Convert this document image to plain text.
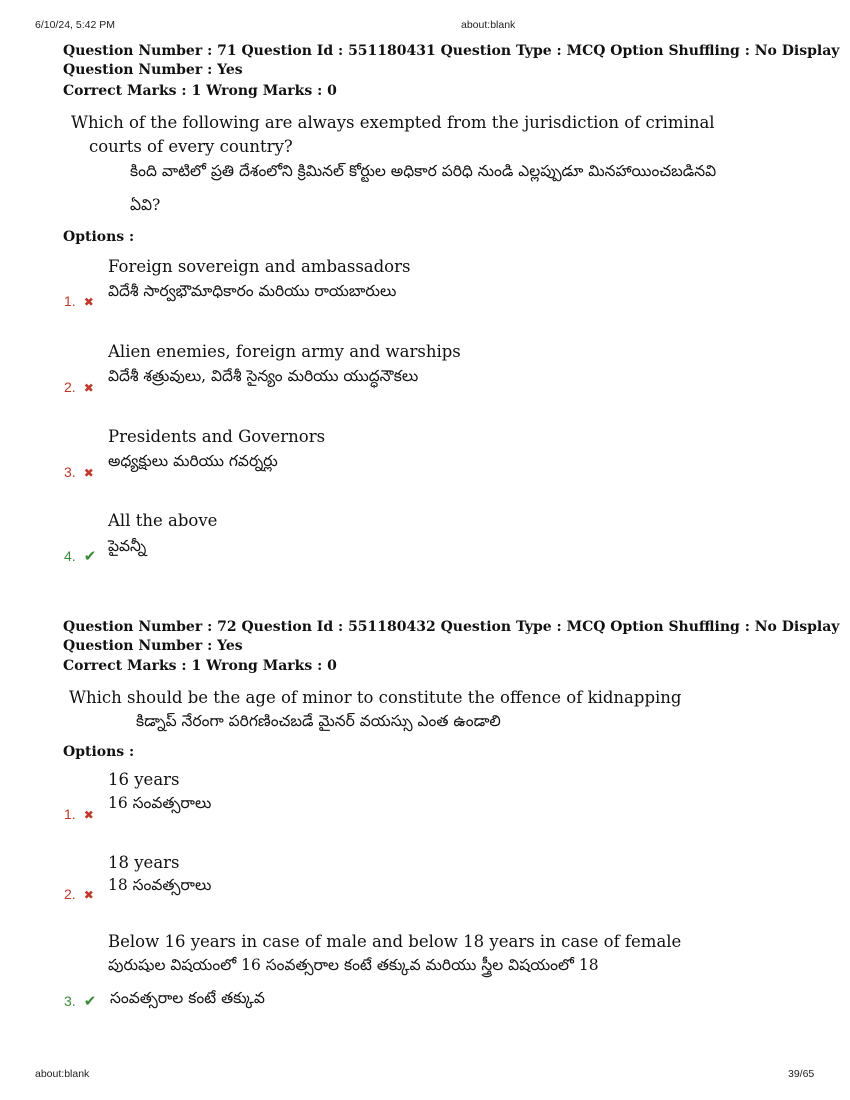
6/10/24, 5:42 PM	about:blank
about:blank	39/65
Question Number : 71 Question Id : 551180431 Question Type : MCQ Option Shuffling : No Display
Question Number : Yes
Correct Marks : 1 Wrong Marks : 0
Which of the following are always exempted from the jurisdiction of criminal
courts of every country?
కింది వాటిలో ప్రతి దేశంలోని క్రిమినల్ కోర్టుల అధికార పరిధి నుండి ఎల్లప్పుడూ మినహాయించబడినవి
ఏవి?
Options :
Foreign sovereign and ambassadors
విదేశీ సార్వభౌమాధికారం మరియు రాయబారులు
1. ✖
Alien enemies, foreign army and warships
విదేశీ శత్రువులు, విదేశీ సైన్యం మరియు యుద్ధనౌకలు
2. ✖
Presidents and Governors
అధ్యక్షులు మరియు గవర్నర్లు
3. ✖
All the above
పైవన్నీ
4. ✔
Question Number : 72 Question Id : 551180432 Question Type : MCQ Option Shuffling : No Display
Question Number : Yes
Correct Marks : 1 Wrong Marks : 0
Which should be the age of minor to constitute the offence of kidnapping
కిడ్నాప్ నేరంగా పరిగణించబడే మైనర్ వయస్సు ఎంత ఉండాలి
Options :
16 years
16 సంవత్సరాలు
1. ✖
18 years
18 సంవత్సరాలు
2. ✖
Below 16 years in case of male and below 18 years in case of female
పురుషుల విషయంలో 16 సంవత్సరాల కంటే తక్కువ మరియు స్త్రీల విషయంలో 18
సంవత్సరాల కంటే తక్కువ
3. ✔
